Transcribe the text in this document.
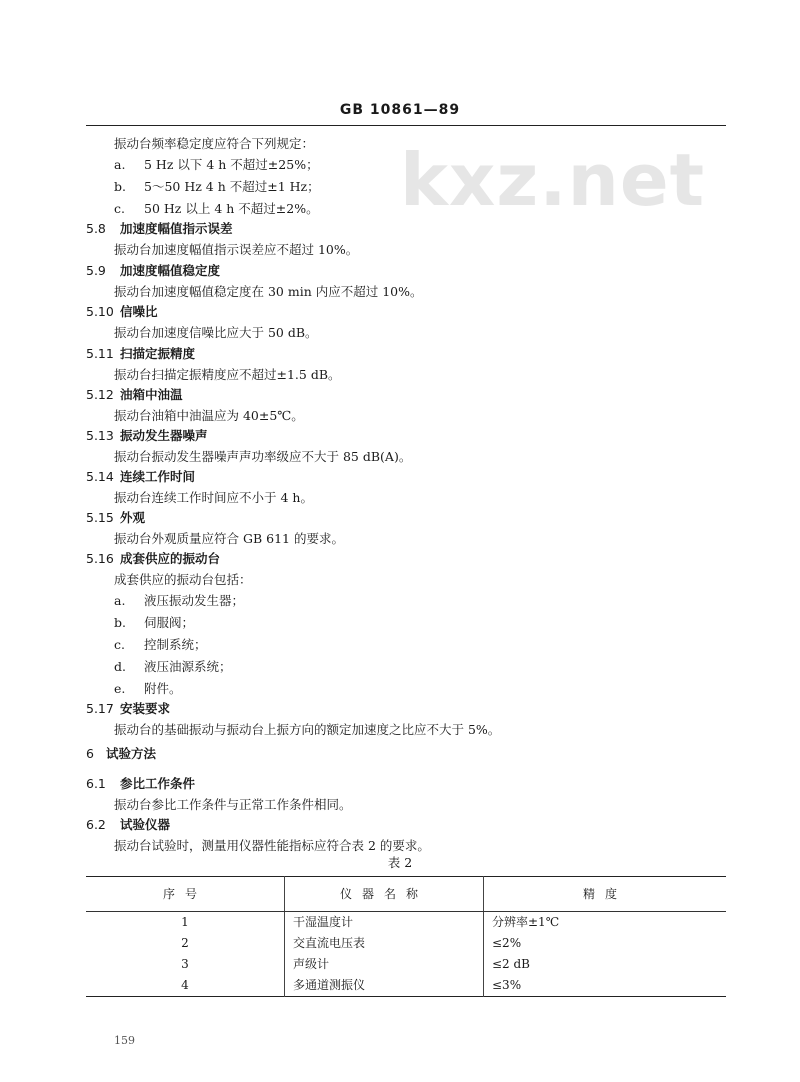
GB 10861—89
kxz.net
振动台频率稳定度应符合下列规定：
a. 5 Hz 以下 4 h 不超过±25%；
b. 5～50 Hz 4 h 不超过±1 Hz；
c. 50 Hz 以上 4 h 不超过±2%。
5.8 加速度幅值指示误差
振动台加速度幅值指示误差应不超过 10%。
5.9 加速度幅值稳定度
振动台加速度幅值稳定度在 30 min 内应不超过 10%。
5.10 信噪比
振动台加速度信噪比应大于 50 dB。
5.11 扫描定振精度
振动台扫描定振精度应不超过±1.5 dB。
5.12 油箱中油温
振动台油箱中油温应为 40±5℃。
5.13 振动发生器噪声
振动台振动发生器噪声声功率级应不大于 85 dB(A)。
5.14 连续工作时间
振动台连续工作时间应不小于 4 h。
5.15 外观
振动台外观质量应符合 GB 611 的要求。
5.16 成套供应的振动台
成套供应的振动台包括：
a. 液压振动发生器；
b. 伺服阀；
c. 控制系统；
d. 液压油源系统；
e. 附件。
5.17 安装要求
振动台的基础振动与振动台上振方向的额定加速度之比应不大于 5%。
6 试验方法
6.1 参比工作条件
振动台参比工作条件与正常工作条件相同。
6.2 试验仪器
振动台试验时，测量用仪器性能指标应符合表 2 的要求。
表 2
序号	仪器名称	精度
1	干湿温度计	分辨率±1℃
2	交直流电压表	≤2%
3	声级计	≤2 dB
4	多通道测振仪	≤3%
159
